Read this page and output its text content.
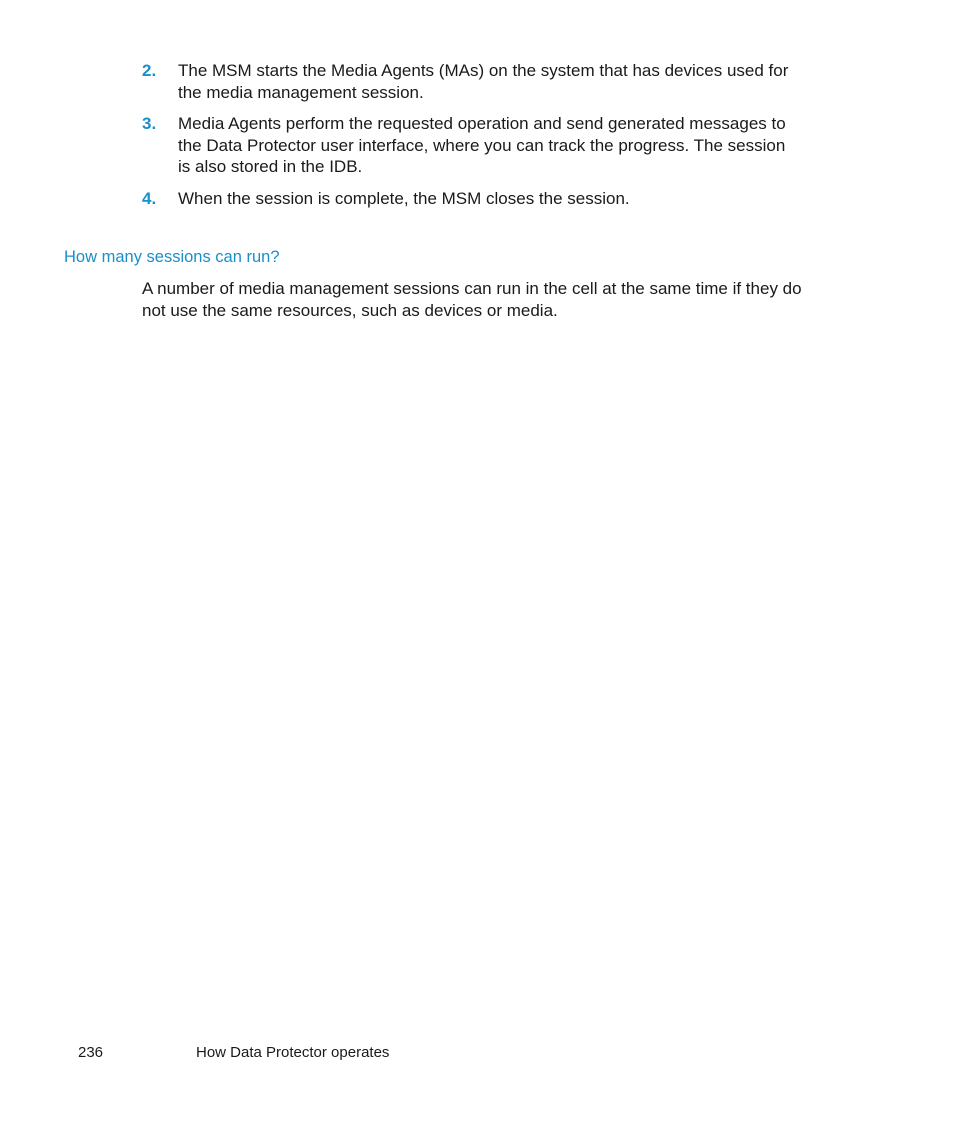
2. The MSM starts the Media Agents (MAs) on the system that has devices used for the media management session.
3. Media Agents perform the requested operation and send generated messages to the Data Protector user interface, where you can track the progress. The session is also stored in the IDB.
4. When the session is complete, the MSM closes the session.
How many sessions can run?

A number of media management sessions can run in the cell at the same time if they do not use the same resources, such as devices or media.

236	How Data Protector operates
